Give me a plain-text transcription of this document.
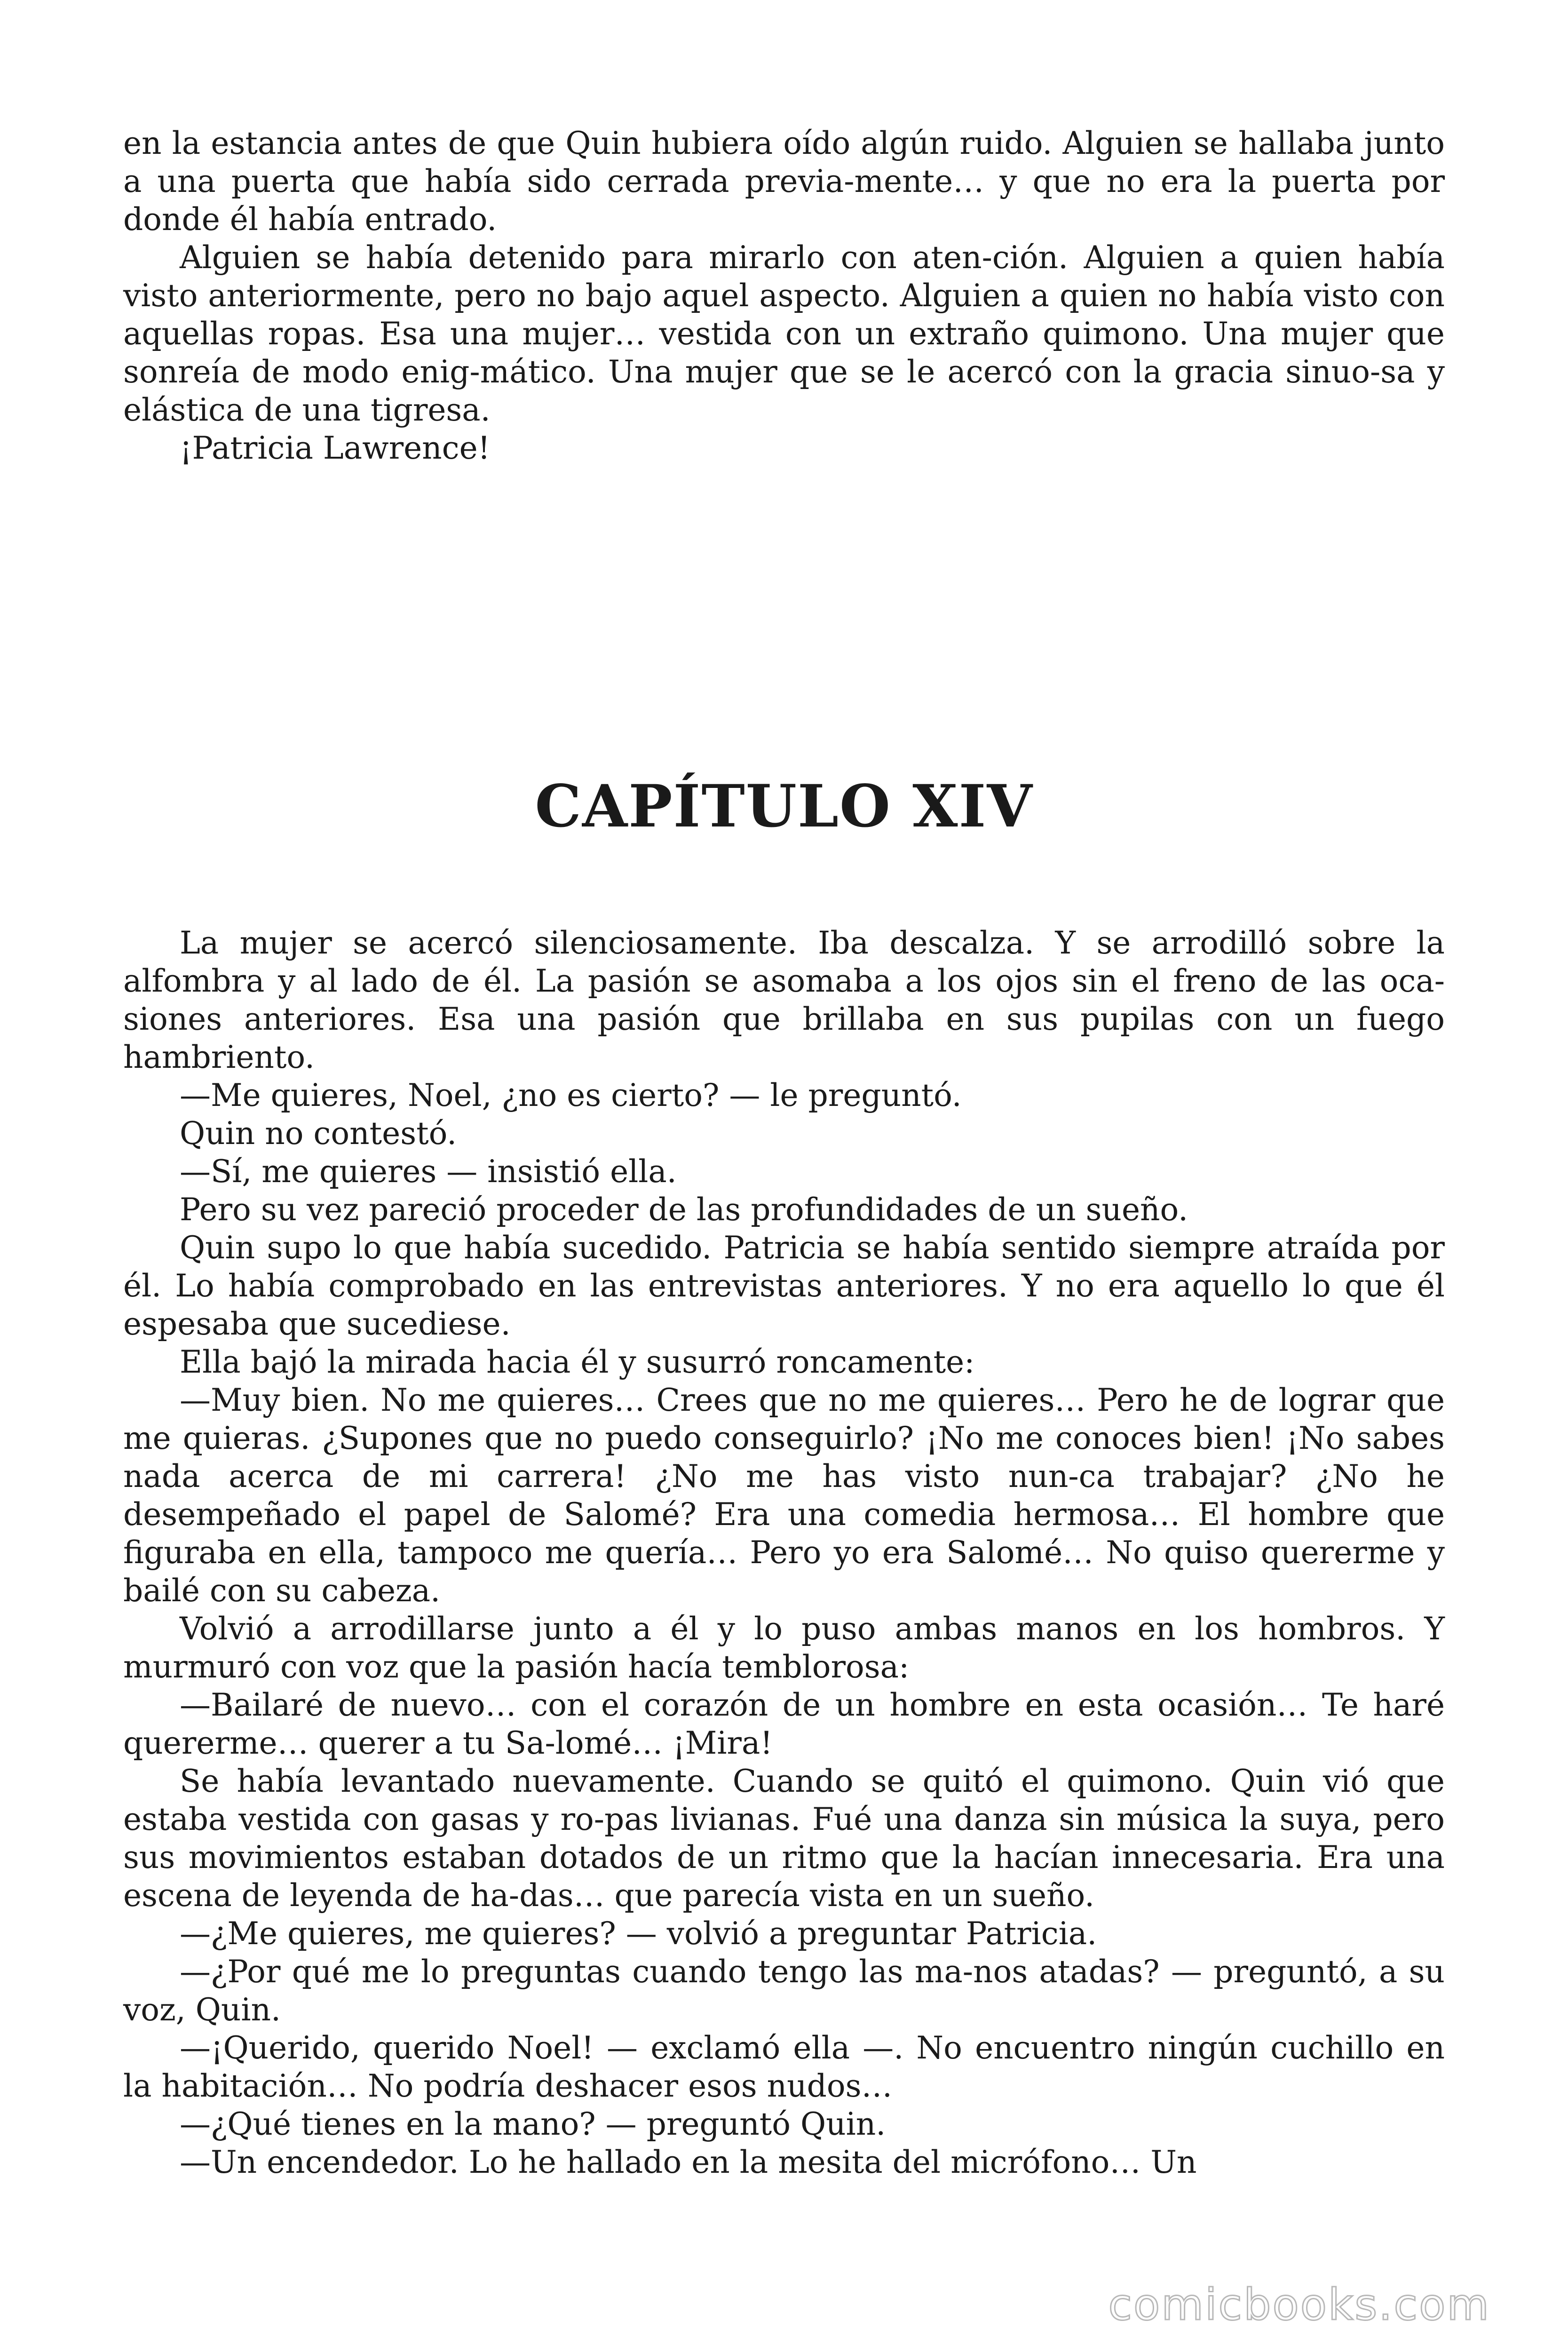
en la estancia antes de que Quin hubiera oído algún ruido. Alguien se hallaba junto a una puerta que había sido cerrada previa-mente… y que no era la puerta por donde él había entrado.

Alguien se había detenido para mirarlo con aten-ción. Alguien a quien había visto anteriormente, pero no bajo aquel aspecto. Alguien a quien no había visto con aquellas ropas. Esa una mujer… vestida con un extraño quimono. Una mujer que sonreía de modo enig-mático. Una mujer que se le acercó con la gracia sinuo-sa y elástica de una tigresa.

¡Patricia Lawrence!

CAPÍTULO XIV

La mujer se acercó silenciosamente. Iba descalza. Y se arrodilló sobre la alfombra y al lado de él. La pasión se asomaba a los ojos sin el freno de las oca-siones anteriores. Esa una pasión que brillaba en sus pupilas con un fuego hambriento.

—Me quieres, Noel, ¿no es cierto? — le preguntó.

Quin no contestó.

—Sí, me quieres — insistió ella.

Pero su vez pareció proceder de las profundidades de un sueño.

Quin supo lo que había sucedido. Patricia se había sentido siempre atraída por él. Lo había comprobado en las entrevistas anteriores. Y no era aquello lo que él espesaba que sucediese.

Ella bajó la mirada hacia él y susurró roncamente:

—Muy bien. No me quieres… Crees que no me quieres… Pero he de lograr que me quieras. ¿Supones que no puedo conseguirlo? ¡No me conoces bien! ¡No sabes nada acerca de mi carrera! ¿No me has visto nun-ca trabajar? ¿No he desempeñado el papel de Salomé? Era una comedia hermosa… El hombre que figuraba en ella, tampoco me quería… Pero yo era Salomé… No quiso quererme y bailé con su cabeza.

Volvió a arrodillarse junto a él y lo puso ambas manos en los hombros. Y murmuró con voz que la pasión hacía temblorosa:

—Bailaré de nuevo… con el corazón de un hombre en esta ocasión… Te haré quererme… querer a tu Sa-lomé… ¡Mira!

Se había levantado nuevamente. Cuando se quitó el quimono. Quin vió que estaba vestida con gasas y ro-pas livianas. Fué una danza sin música la suya, pero sus movimientos estaban dotados de un ritmo que la hacían innecesaria. Era una escena de leyenda de ha-das… que parecía vista en un sueño.

—¿Me quieres, me quieres? — volvió a preguntar Patricia.

—¿Por qué me lo preguntas cuando tengo las ma-nos atadas? — preguntó, a su voz, Quin.

—¡Querido, querido Noel! — exclamó ella —. No encuentro ningún cuchillo en la habitación… No podría deshacer esos nudos…

—¿Qué tienes en la mano? — preguntó Quin.

—Un encendedor. Lo he hallado en la mesita del micrófono… Un

comicbooks.com
